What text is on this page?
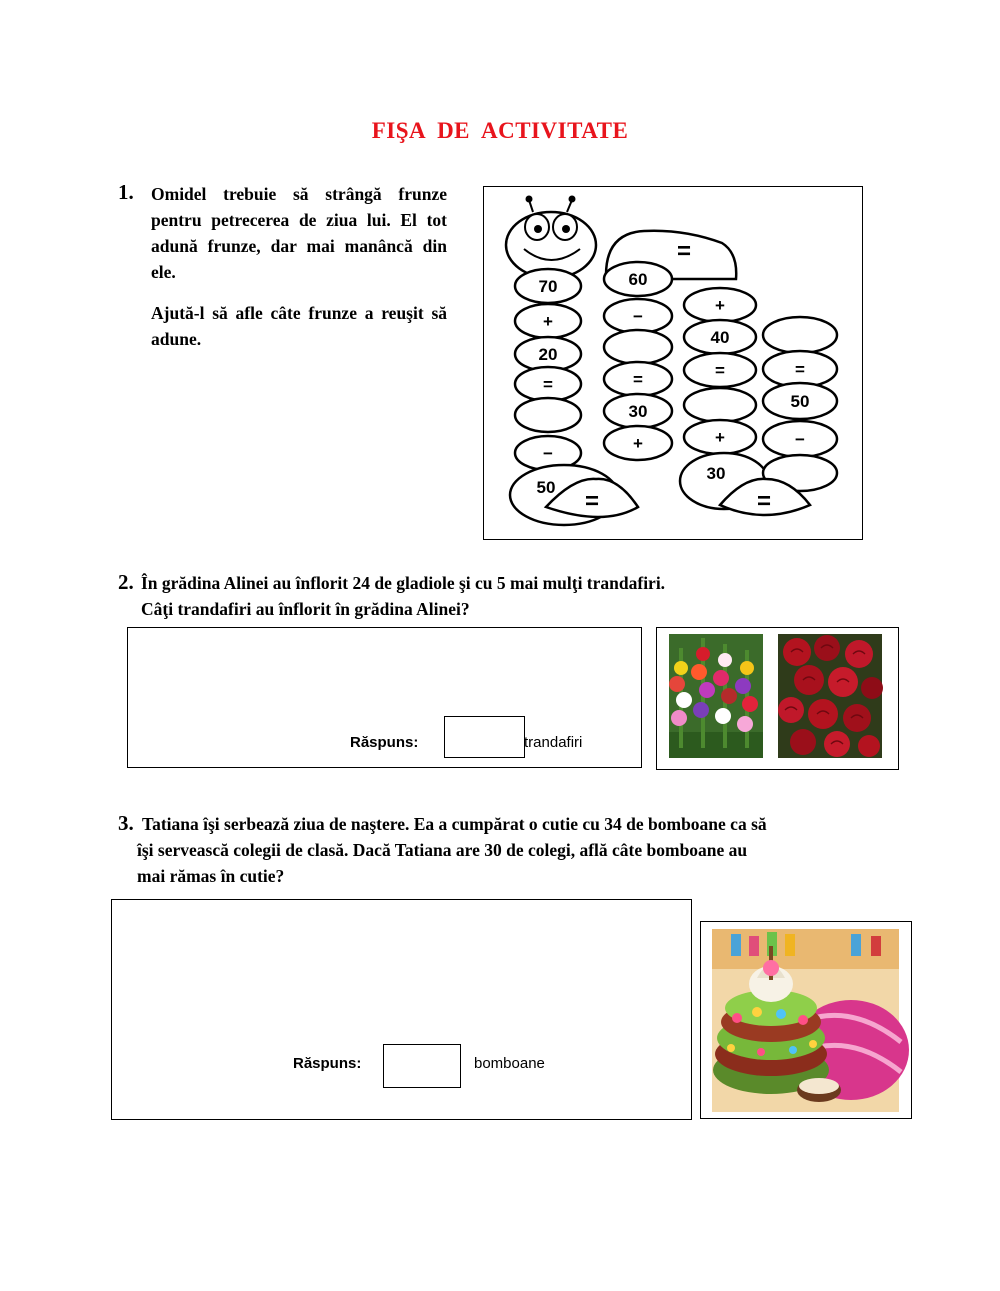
FIŞA DE ACTIVITATE
1. Omidel trebuie să strângă frunze pentru petrecerea de ziua lui. El tot adună frunze, dar mai manâncă din ele.
Ajută-l să afle câte frunze a reuşit să adune.
70
+
20
=
−
50
=
60
−
=
30
+
+
40
=
+
30
=
50
−
=	=
2. În grădina Alinei au înflorit 24 de gladiole şi cu 5 mai mulţi trandafiri.
Câţi trandafiri au înflorit în grădina Alinei?
Răspuns:	trandafiri
3. Tatiana îşi serbează ziua de naştere. Ea a cumpărat o cutie cu 34 de bomboane ca să
îşi servească colegii de clasă. Dacă Tatiana are 30 de colegi, află câte bomboane au
mai rămas în cutie?
Răspuns:	bomboane
